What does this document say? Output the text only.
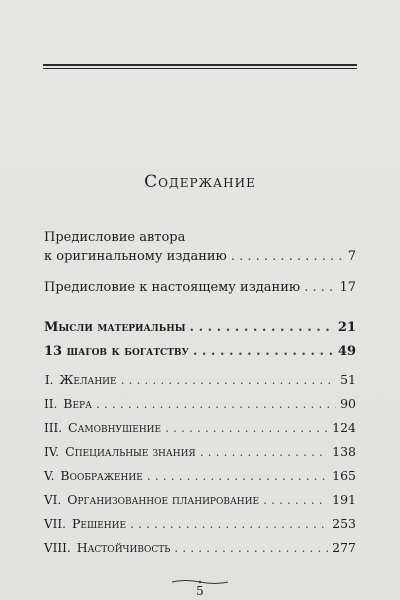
Содержание
Предисловие автора
к оригинальному изданию . . .	7
Предисловие к настоящему изданию . . .	17
Мысли материальны . . .	21
13 шагов к богатству . . .	49
I. Желание . . .	51
II. Вера . . .	90
III. Самовнушение . . .	124
IV. Специальные знания . . .	138
V. Воображение . . .	165
VI. Организованное планирование . . .	191
VII. Решение . . .	253
VIII. Настойчивость . . .	277
5
